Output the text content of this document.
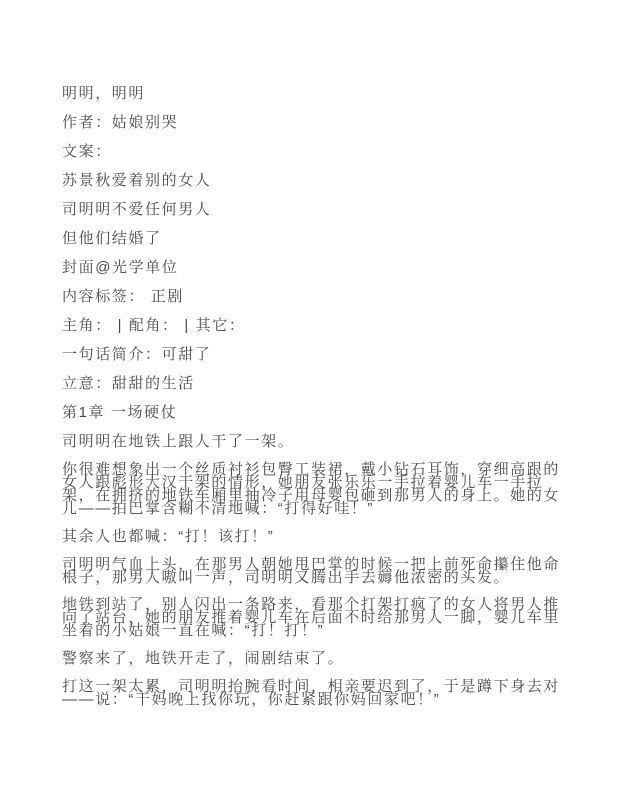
明明，明明

作者：姑娘别哭

文案：

苏景秋爱着别的女人

司明明不爱任何男人

但他们结婚了

封面@光学单位

内容标签： 正剧

主角： | 配角： | 其它：

一句话简介：可甜了

立意：甜甜的生活

第1章 一场硬仗

司明明在地铁上跟人干了一架。

你很难想象出一个丝质衬衫包臀工装裙，戴小钻石耳饰，穿细高跟的女人跟彪形大汉干架的情形，她朋友张乐乐一手拉着婴儿车一手拉架，在拥挤的地铁车厢里抽冷子用母婴包砸到那男人的身上。她的女儿——拍巴掌含糊不清地喊：“打得好哇！”

其余人也都喊：“打！该打！”

司明明气血上头，在那男人朝她甩巴掌的时候一把上前死命攥住他命根子，那男人嗷叫一声，司明明又腾出手去薅他浓密的头发。

地铁到站了，别人闪出一条路来，看那个打架打疯了的女人将男人推向了站台，她的朋友推着婴儿车在后面不时给那男人一脚，婴儿车里坐着的小姑娘一直在喊：“打！打！”

警察来了，地铁开走了，闹剧结束了。

打这一架太累，司明明抬腕看时间，相亲要迟到了，于是蹲下身去对——说：“干妈晚上找你玩，你赶紧跟你妈回家吧！”
